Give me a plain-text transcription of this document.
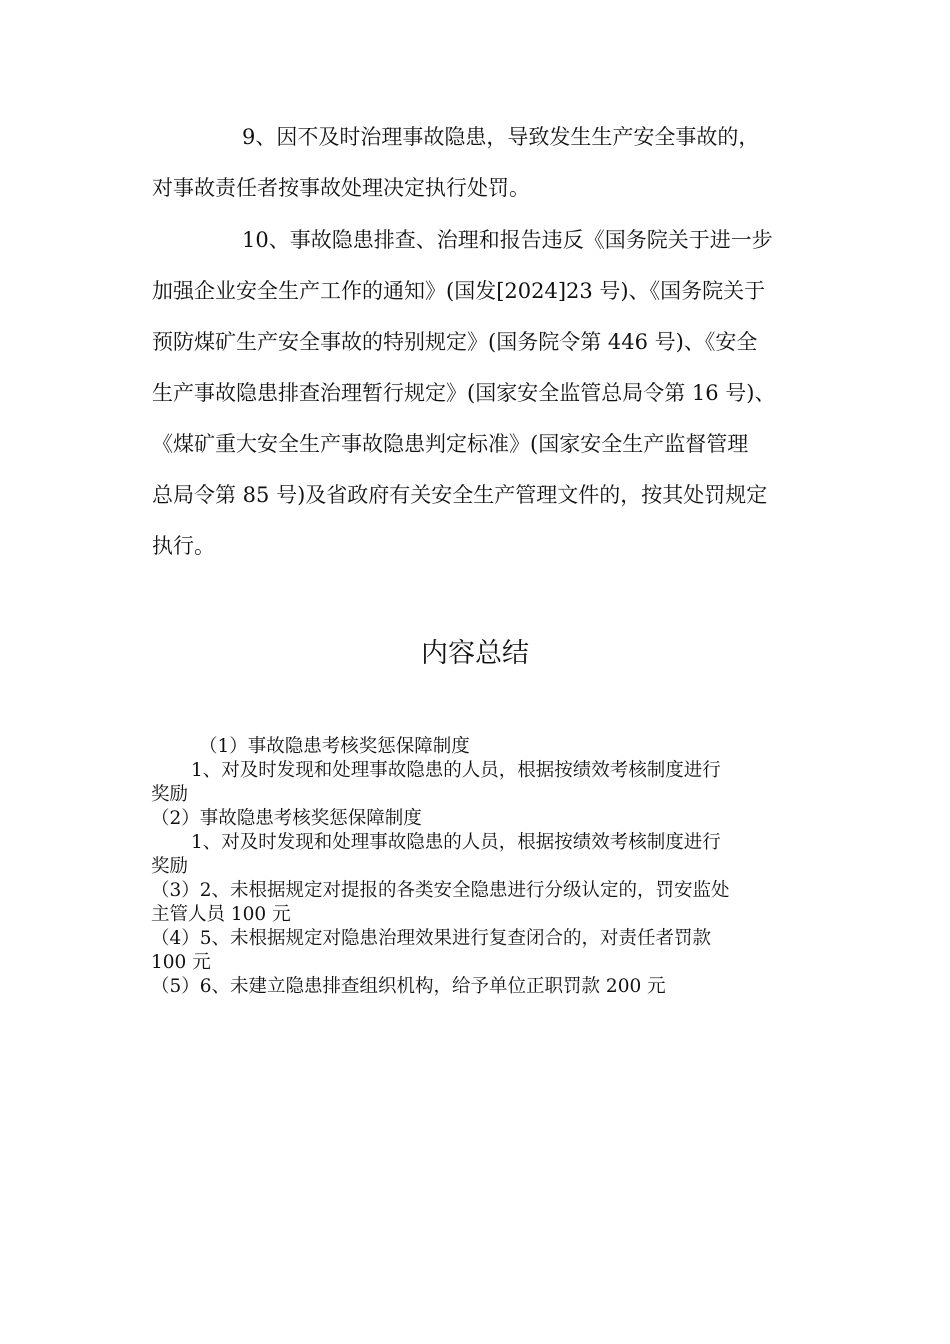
9、因不及时治理事故隐患，导致发生生产安全事故的，
对事故责任者按事故处理决定执行处罚。
10、事故隐患排查、治理和报告违反《国务院关于进一步
加强企业安全生产工作的通知》(国发[2024]23 号)、《国务院关于
预防煤矿生产安全事故的特别规定》(国务院令第 446 号)、《安全
生产事故隐患排查治理暂行规定》(国家安全监管总局令第 16 号)、
《煤矿重大安全生产事故隐患判定标准》(国家安全生产监督管理
总局令第 85 号)及省政府有关安全生产管理文件的，按其处罚规定
执行。
内容总结
（1）事故隐患考核奖惩保障制度
1、对及时发现和处理事故隐患的人员，根据按绩效考核制度进行
奖励
（2）事故隐患考核奖惩保障制度
1、对及时发现和处理事故隐患的人员，根据按绩效考核制度进行
奖励
（3）2、未根据规定对提报的各类安全隐患进行分级认定的，罚安监处
主管人员 100 元
（4）5、未根据规定对隐患治理效果进行复查闭合的，对责任者罚款
100 元
（5）6、未建立隐患排查组织机构，给予单位正职罚款 200 元
